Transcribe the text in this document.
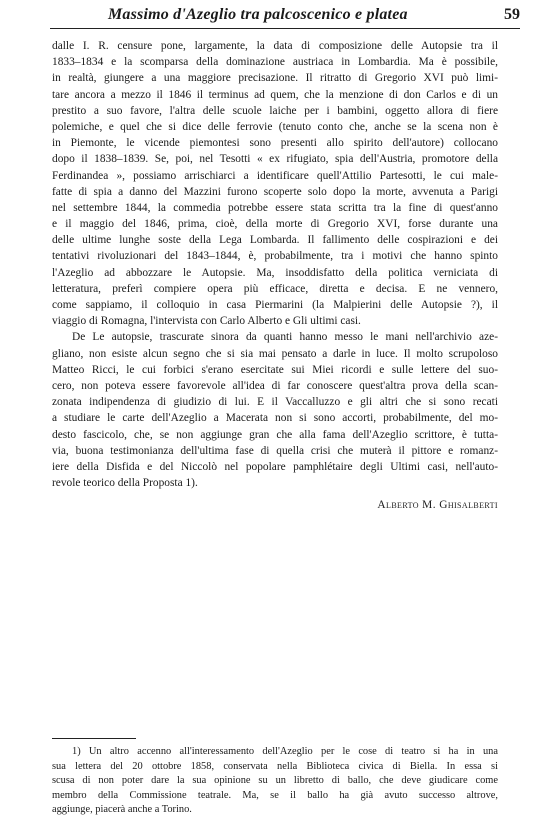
Massimo d'Azeglio tra palcoscenico e platea	59
dalle I. R. censure pone, largamente, la data di composizione delle Autopsie tra il
1833–1834 e la scomparsa della dominazione austriaca in Lombardia. Ma è possibile,
in realtà, giungere a una maggiore precisazione. Il ritratto di Gregorio XVI può limi-
tare ancora a mezzo il 1846 il terminus ad quem, che la menzione di don Carlos e di un
prestito a suo favore, l'altra delle scuole laiche per i bambini, oggetto allora di fiere
polemiche, e quel che si dice delle ferrovie (tenuto conto che, anche se la scena non è
in Piemonte, le vicende piemontesi sono presenti allo spirito dell'autore) collocano
dopo il 1838–1839. Se, poi, nel Tesotti « ex rifugiato, spia dell'Austria, promotore della
Ferdinandea », possiamo arrischiarci a identificare quell'Attilio Partesotti, le cui male-
fatte di spia a danno del Mazzini furono scoperte solo dopo la morte, avvenuta a Parigi
nel settembre 1844, la commedia potrebbe essere stata scritta tra la fine di quest'anno
e il maggio del 1846, prima, cioè, della morte di Gregorio XVI, forse durante una
delle ultime lunghe soste della Lega Lombarda. Il fallimento delle cospirazioni e dei
tentativi rivoluzionari del 1843–1844, è, probabilmente, tra i motivi che hanno spinto
l'Azeglio ad abbozzare le Autopsie. Ma, insoddisfatto della politica verniciata di
letteratura, preferì compiere opera più efficace, diretta e decisa. E ne vennero,
come sappiamo, il colloquio in casa Piermarini (la Malpierini delle Autopsie ?), il
viaggio di Romagna, l'intervista con Carlo Alberto e Gli ultimi casi.
De Le autopsie, trascurate sinora da quanti hanno messo le mani nell'archivio aze-
gliano, non esiste alcun segno che si sia mai pensato a darle in luce. Il molto scrupoloso
Matteo Ricci, le cui forbici s'erano esercitate sui Miei ricordi e sulle lettere del suo-
cero, non poteva essere favorevole all'idea di far conoscere quest'altra prova della scan-
zonata indipendenza di giudizio di lui. E il Vaccalluzzo e gli altri che si sono recati
a studiare le carte dell'Azeglio a Macerata non si sono accorti, probabilmente, del mo-
desto fascicolo, che, se non aggiunge gran che alla fama dell'Azeglio scrittore, è tutta-
via, buona testimonianza dell'ultima fase di quella crisi che muterà il pittore e romanz-
iere della Disfida e del Niccolò nel popolare pamphlétaire degli Ultimi casi, nell'auto-
revole teorico della Proposta 1).
Alberto M. Ghisalberti
1) Un altro accenno all'interessamento dell'Azeglio per le cose di teatro si ha in una
sua lettera del 20 ottobre 1858, conservata nella Biblioteca civica di Biella. In essa si
scusa di non poter dare la sua opinione su un libretto di ballo, che deve giudicare come
membro della Commissione teatrale. Ma, se il ballo ha già avuto successo altrove,
aggiunge, piacerà anche a Torino.
